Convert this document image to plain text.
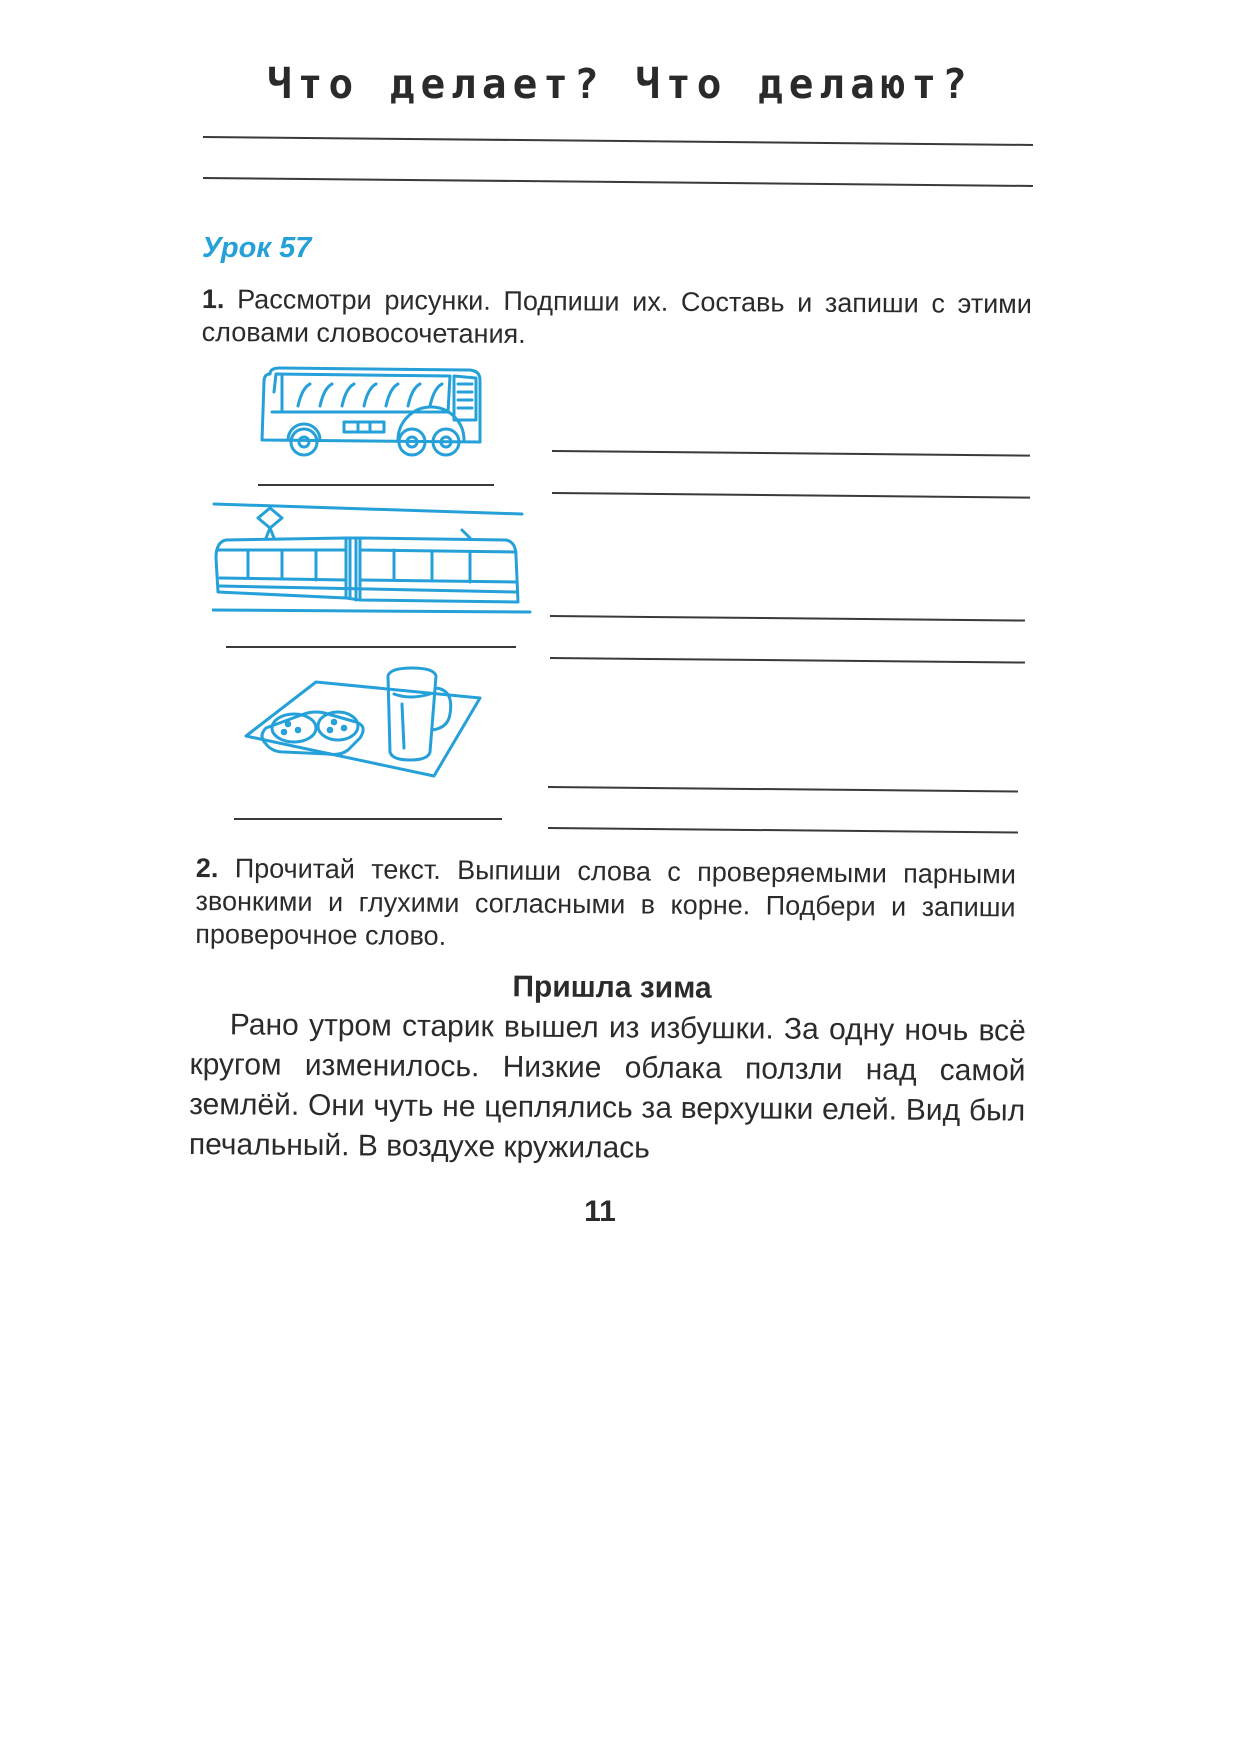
Что делает? Что делают?
Урок 57
1. Рассмотри рисунки. Подпиши их. Составь и запиши с этими словами словосочетания.
2. Прочитай текст. Выпиши слова с проверяемыми парными звонкими и глухими согласными в корне. Подбери и запиши проверочное слово.
Пришла зима

Рано утром старик вышел из избушки. За одну ночь всё кругом изменилось. Низкие облака ползли над самой землёй. Они чуть не цеплялись за верхушки елей. Вид был печальный. В воздухе кружилась

11
